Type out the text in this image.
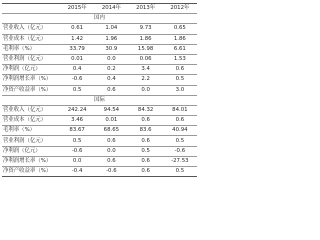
	2015年	2014年	2013年	2012年
国内				
营业收入（亿元）	0.61	1.04	9.73	0.65
营业成本（亿元）	1.42	1.96	1.86	1.86
毛利率（%）	33.79	30.9	15.98	6.61
营业利润（亿元）	0.01	0.0	0.06	1.53
净利润（亿元）	0.4	0.2	3.4	0.6
净利润增长率（%）	-0.6	0.4	2.2	0.5
净资产收益率（%）	0.5	0.6	0.0	3.0
国际				
营业收入（亿元）	242.24	94.54	84.32	84.01
营业成本（亿元）	3.46	0.01	0.6	0.6
毛利率（%）	83.67	68.65	83.6	40.94
营业利润（亿元）	0.5	0.6	0.6	0.5
净利润（亿元）	-0.6	0.0	0.5	-0.6
净利润增长率（%）	0.0	0.6	0.6	-27.53
净资产收益率（%）	-0.4	-0.6	0.6	0.5
